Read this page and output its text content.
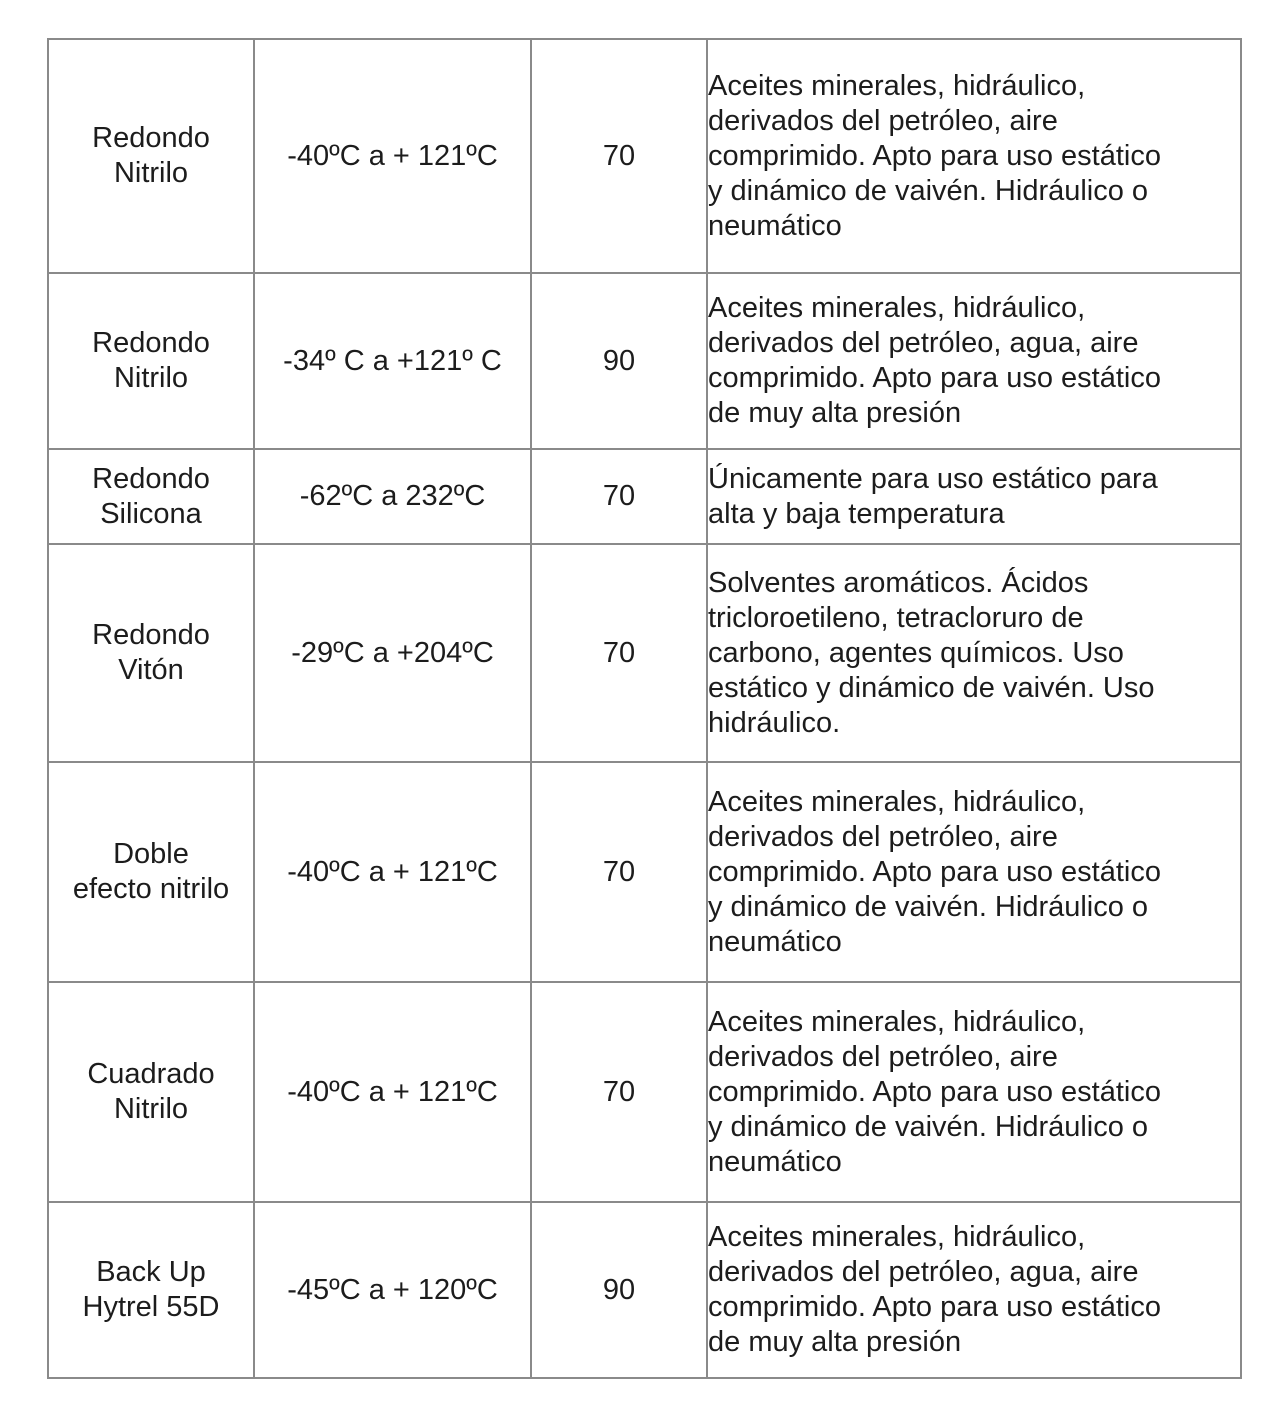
Redondo
Nitrilo	-40ºC a + 121ºC	70	Aceites minerales, hidráulico,
derivados del petróleo, aire
comprimido. Apto para uso estático
y dinámico de vaivén. Hidráulico o
neumático

Redondo
Nitrilo	-34º C a +121º C	90	Aceites minerales, hidráulico,
derivados del petróleo, agua, aire
comprimido. Apto para uso estático
de muy alta presión

Redondo
Silicona	-62ºC a 232ºC	70	Únicamente para uso estático para
alta y baja temperatura

Redondo
Vitón	-29ºC a +204ºC	70	Solventes aromáticos. Ácidos
tricloroetileno, tetracloruro de
carbono, agentes químicos. Uso
estático y dinámico de vaivén. Uso
hidráulico.

Doble
efecto nitrilo	-40ºC a + 121ºC	70	Aceites minerales, hidráulico,
derivados del petróleo, aire
comprimido. Apto para uso estático
y dinámico de vaivén. Hidráulico o
neumático

Cuadrado
Nitrilo	-40ºC a + 121ºC	70	Aceites minerales, hidráulico,
derivados del petróleo, aire
comprimido. Apto para uso estático
y dinámico de vaivén. Hidráulico o
neumático

Back Up
Hytrel 55D	-45ºC a + 120ºC	90	Aceites minerales, hidráulico,
derivados del petróleo, agua, aire
comprimido. Apto para uso estático
de muy alta presión
